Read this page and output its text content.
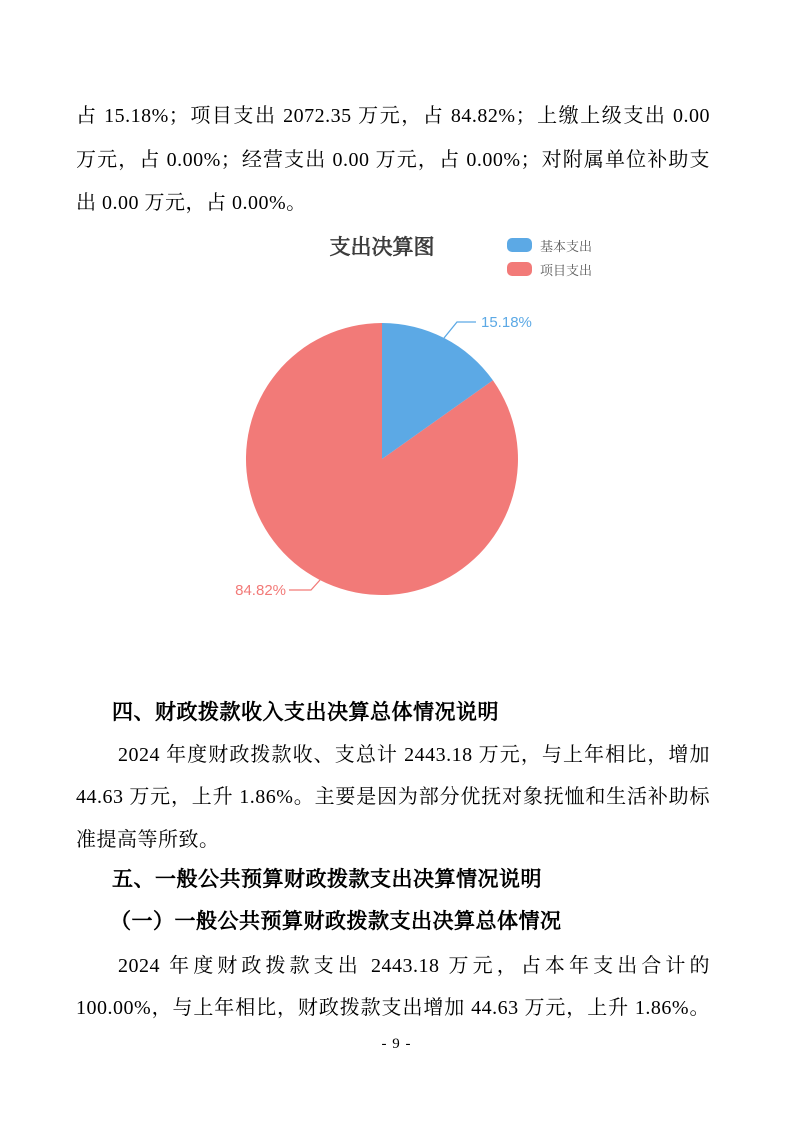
占 15.18%；项目支出 2072.35 万元，占 84.82%；上缴上级支出 0.00
万元，占 0.00%；经营支出 0.00 万元，占 0.00%；对附属单位补助支
出 0.00 万元，占 0.00%。
支出决算图	基本支出
项目支出
15.18%
84.82%
四、财政拨款收入支出决算总体情况说明
2024 年度财政拨款收、支总计 2443.18 万元，与上年相比，增加
44.63 万元，上升 1.86%。主要是因为部分优抚对象抚恤和生活补助标
准提高等所致。
五、一般公共预算财政拨款支出决算情况说明
（一）一般公共预算财政拨款支出决算总体情况
2024 年度财政拨款支出 2443.18 万元，占本年支出合计的
100.00%，与上年相比，财政拨款支出增加 44.63 万元，上升 1.86%。
- 9 -
